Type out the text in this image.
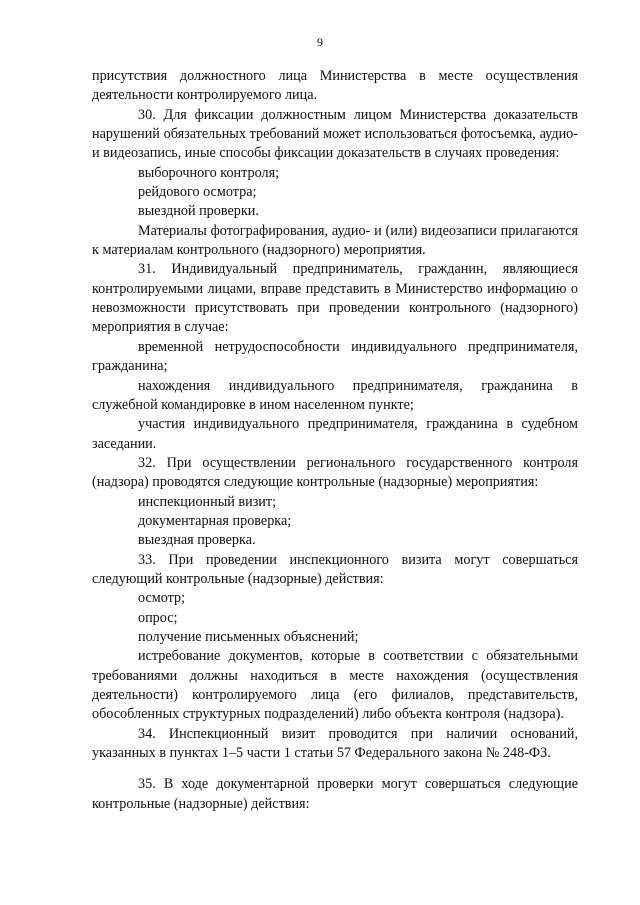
9

присутствия должностного лица Министерства в месте осуществления деятельности контролируемого лица.

30. Для фиксации должностным лицом Министерства доказательств нарушений обязательных требований может использоваться фотосъемка, аудио- и видеозапись, иные способы фиксации доказательств в случаях проведения:

выборочного контроля;

рейдового осмотра;

выездной проверки.

Материалы фотографирования, аудио- и (или) видеозаписи прилагаются к материалам контрольного (надзорного) мероприятия.

31. Индивидуальный предприниматель, гражданин, являющиеся контролируемыми лицами, вправе представить в Министерство информацию о невозможности присутствовать при проведении контрольного (надзорного) мероприятия в случае:

временной нетрудоспособности индивидуального предпринимателя, гражданина;

нахождения индивидуального предпринимателя, гражданина в служебной командировке в ином населенном пункте;

участия индивидуального предпринимателя, гражданина в судебном заседании.

32. При осуществлении регионального государственного контроля (надзора) проводятся следующие контрольные (надзорные) мероприятия:

инспекционный визит;

документарная проверка;

выездная проверка.

33. При проведении инспекционного визита могут совершаться следующий контрольные (надзорные) действия:

осмотр;

опрос;

получение письменных объяснений;

истребование документов, которые в соответствии с обязательными требованиями должны находиться в месте нахождения (осуществления деятельности) контролируемого лица (его филиалов, представительств, обособленных структурных подразделений) либо объекта контроля (надзора).

34. Инспекционный визит проводится при наличии оснований, указанных в пунктах 1–5 части 1 статьи 57 Федерального закона № 248-ФЗ.

35. В ходе документарной проверки могут совершаться следующие контрольные (надзорные) действия:
